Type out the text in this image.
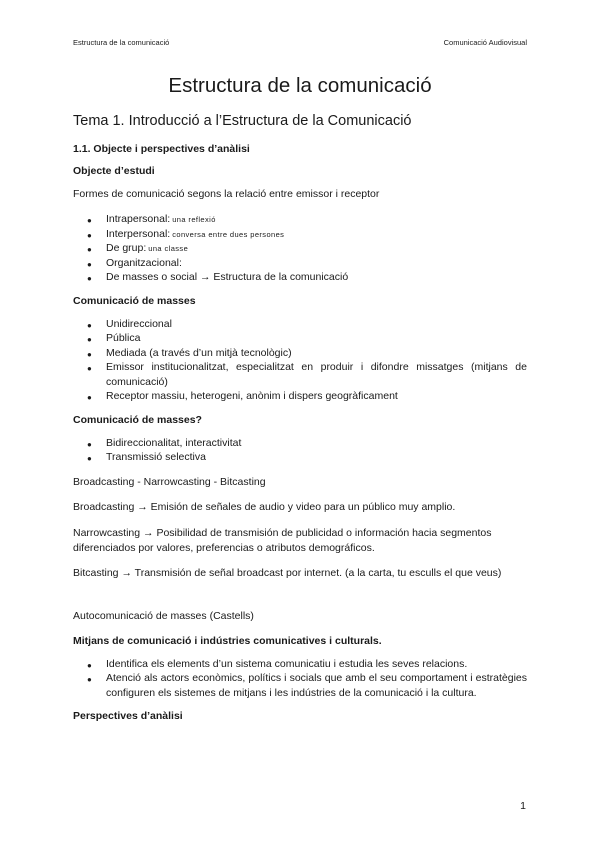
Estructura de la comunicació	Comunicació Audiovisual
Estructura de la comunicació
Tema 1. Introducció a l’Estructura de la Comunicació
1.1. Objecte i perspectives d’anàlisi
Objecte d’estudi

Formes de comunicació segons la relació entre emissor i receptor

● Intrapersonal: una reflexió
● Interpersonal: conversa entre dues persones
● De grup: una classe
● Organitzacional:
● De masses o social → Estructura de la comunicació
Comunicació de masses
● Unidireccional
● Pública
● Mediada (a través d’un mitjà tecnològic)
● Emissor institucionalitzat, especialitzat en produir i difondre missatges (mitjans de comunicació)
● Receptor massiu, heterogeni, anònim i dispers geogràficament
Comunicació de masses?
● Bidireccionalitat, interactivitat
● Transmissió selectiva

Broadcasting - Narrowcasting - Bitcasting

Broadcasting → Emisión de señales de audio y video para un público muy amplio.

Narrowcasting → Posibilidad de transmisión de publicidad o información hacia segmentos diferenciados por valores, preferencias o atributos demográficos.

Bitcasting → Transmisión de señal broadcast por internet. (a la carta, tu esculls el que veus)

Autocomunicació de masses (Castells)

Mitjans de comunicació i indústries comunicatives i culturals.
● Identifica els elements d’un sistema comunicatiu i estudia les seves relacions.
● Atenció als actors econòmics, polítics i socials que amb el seu comportament i estratègies configuren els sistemes de mitjans i les indústries de la comunicació i la cultura.
Perspectives d’anàlisi
1
